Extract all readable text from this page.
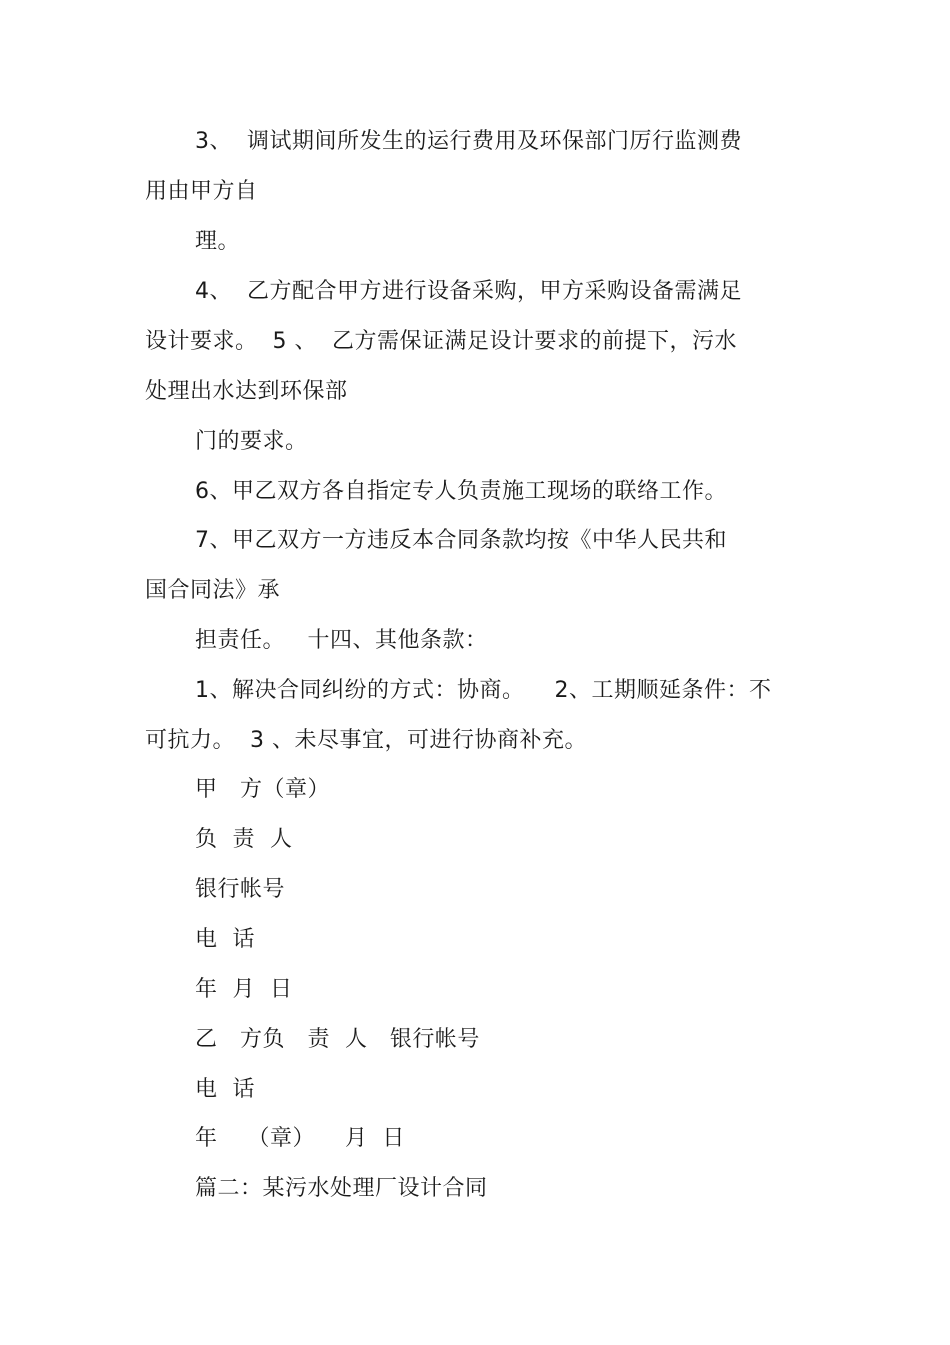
3、  调试期间所发生的运行费用及环保部门厉行监测费
用由甲方自
理。
4、  乙方配合甲方进行设备采购，甲方采购设备需满足
设计要求。  5 、  乙方需保证满足设计要求的前提下，污水
处理出水达到环保部
门的要求。
6、甲乙双方各自指定专人负责施工现场的联络工作。
7、甲乙双方一方违反本合同条款均按《中华人民共和
国合同法》承
担责任。   十四、其他条款：
1、解决合同纠纷的方式：协商。    2、工期顺延条件：不
可抗力。  3 、未尽事宜，可进行协商补充。
甲   方（章）
负  责  人
银行帐号
电  话
年  月  日
乙   方负   责  人   银行帐号
电  话
年    （章）    月  日
篇二：某污水处理厂设计合同
